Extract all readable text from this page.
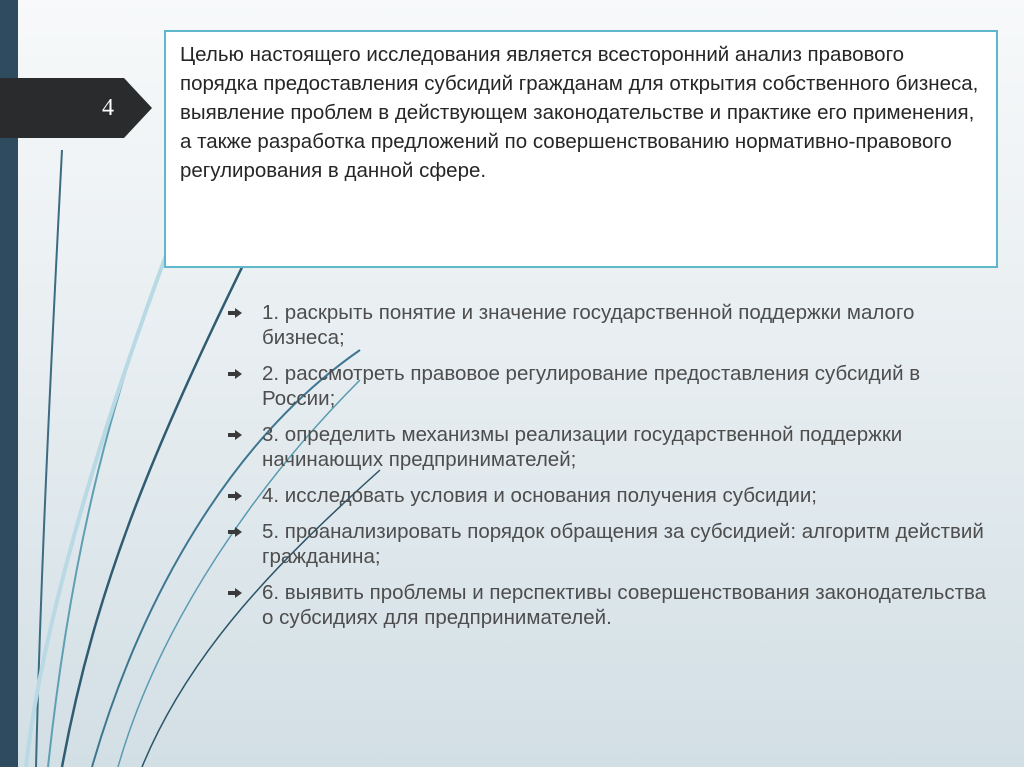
4

Целью настоящего исследования является всесторонний анализ правового порядка предоставления субсидий гражданам для открытия собственного бизнеса, выявление проблем в действующем законодательстве и практике его применения, а также разработка предложений по совершенствованию нормативно-правового регулирования в данной сфере.

1. раскрыть понятие и значение государственной поддержки малого бизнеса;
2. рассмотреть правовое регулирование предоставления субсидий в России;
3. определить механизмы реализации государственной поддержки начинающих предпринимателей;
4. исследовать условия и основания получения субсидии;
5. проанализировать порядок обращения за субсидией: алгоритм действий гражданина;
6. выявить проблемы и перспективы совершенствования законодательства о субсидиях для предпринимателей.
